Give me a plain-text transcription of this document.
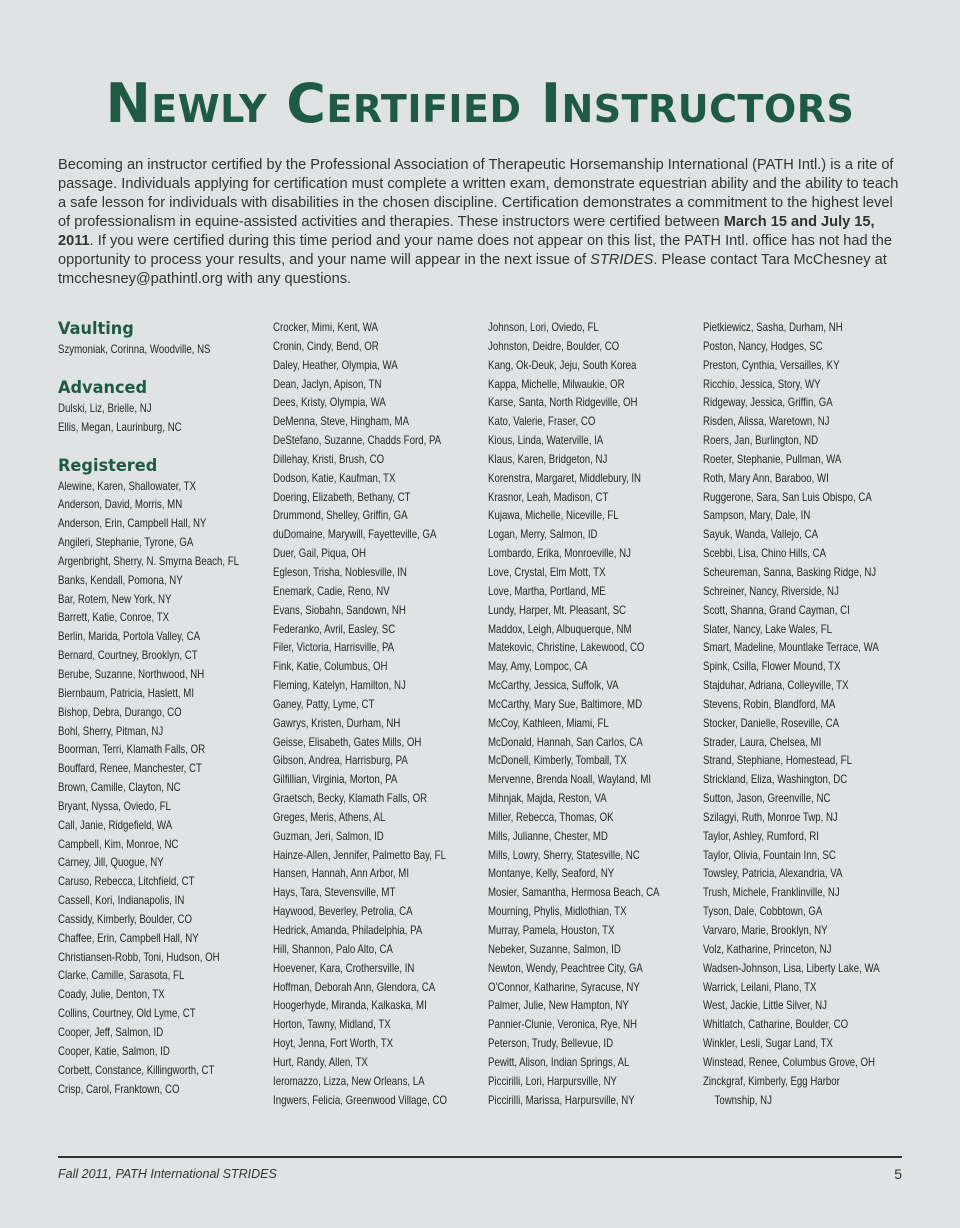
Newly Certified Instructors
Becoming an instructor certified by the Professional Association of Therapeutic Horsemanship International (PATH Intl.) is a rite of passage. Individuals applying for certification must complete a written exam, demonstrate equestrian ability and the ability to teach a safe lesson for individuals with disabilities in the chosen discipline. Certification demonstrates a commitment to the highest level of professionalism in equine-assisted activities and therapies. These instructors were certified between March 15 and July 15, 2011. If you were certified during this time period and your name does not appear on this list, the PATH Intl. office has not had the opportunity to process your results, and your name will appear in the next issue of STRIDES. Please contact Tara McChesney at tmcchesney@pathintl.org with any questions.
Vaulting
Szymoniak, Corinna, Woodville, NS
Advanced
Dulski, Liz, Brielle, NJ
Ellis, Megan, Laurinburg, NC
Registered
Alewine, Karen, Shallowater, TX
Anderson, David, Morris, MN
Anderson, Erin, Campbell Hall, NY
Angileri, Stephanie, Tyrone, GA
Argenbright, Sherry, N. Smyrna Beach, FL
Banks, Kendall, Pomona, NY
Bar, Rotem, New York, NY
Barrett, Katie, Conroe, TX
Berlin, Marida, Portola Valley, CA
Bernard, Courtney, Brooklyn, CT
Berube, Suzanne, Northwood, NH
Biernbaum, Patricia, Haslett, MI
Bishop, Debra, Durango, CO
Bohl, Sherry, Pitman, NJ
Boorman, Terri, Klamath Falls, OR
Bouffard, Renee, Manchester, CT
Brown, Camille, Clayton, NC
Bryant, Nyssa, Oviedo, FL
Call, Janie, Ridgefield, WA
Campbell, Kim, Monroe, NC
Carney, Jill, Quogue, NY
Caruso, Rebecca, Litchfield, CT
Cassell, Kori, Indianapolis, IN
Cassidy, Kimberly, Boulder, CO
Chaffee, Erin, Campbell Hall, NY
Christiansen-Robb, Toni, Hudson, OH
Clarke, Camille, Sarasota, FL
Coady, Julie, Denton, TX
Collins, Courtney, Old Lyme, CT
Cooper, Jeff, Salmon, ID
Cooper, Katie, Salmon, ID
Corbett, Constance, Killingworth, CT
Crisp, Carol, Franktown, CO
Crocker, Mimi, Kent, WA
Cronin, Cindy, Bend, OR
Daley, Heather, Olympia, WA
Dean, Jaclyn, Apison, TN
Dees, Kristy, Olympia, WA
DeMenna, Steve, Hingham, MA
DeStefano, Suzanne, Chadds Ford, PA
Dillehay, Kristi, Brush, CO
Dodson, Katie, Kaufman, TX
Doering, Elizabeth, Bethany, CT
Drummond, Shelley, Griffin, GA
duDomaine, Marywill, Fayetteville, GA
Duer, Gail, Piqua, OH
Egleson, Trisha, Noblesville, IN
Enemark, Cadie, Reno, NV
Evans, Siobahn, Sandown, NH
Federanko, Avril, Easley, SC
Filer, Victoria, Harrisville, PA
Fink, Katie, Columbus, OH
Fleming, Katelyn, Hamilton, NJ
Ganey, Patty, Lyme, CT
Gawrys, Kristen, Durham, NH
Geisse, Elisabeth, Gates Mills, OH
Gibson, Andrea, Harrisburg, PA
Gilfillian, Virginia, Morton, PA
Graetsch, Becky, Klamath Falls, OR
Greges, Meris, Athens, AL
Guzman, Jeri, Salmon, ID
Hainze-Allen, Jennifer, Palmetto Bay, FL
Hansen, Hannah, Ann Arbor, MI
Hays, Tara, Stevensville, MT
Haywood, Beverley, Petrolia, CA
Hedrick, Amanda, Philadelphia, PA
Hill, Shannon, Palo Alto, CA
Hoevener, Kara, Crothersville, IN
Hoffman, Deborah Ann, Glendora, CA
Hoogerhyde, Miranda, Kalkaska, MI
Horton, Tawny, Midland, TX
Hoyt, Jenna, Fort Worth, TX
Hurt, Randy, Allen, TX
Ieromazzo, Lizza, New Orleans, LA
Ingwers, Felicia, Greenwood Village, CO
Johnson, Lori, Oviedo, FL
Johnston, Deidre, Boulder, CO
Kang, Ok-Deuk, Jeju, South Korea
Kappa, Michelle, Milwaukie, OR
Karse, Santa, North Ridgeville, OH
Kato, Valerie, Fraser, CO
Kious, Linda, Waterville, IA
Klaus, Karen, Bridgeton, NJ
Korenstra, Margaret, Middlebury, IN
Krasnor, Leah, Madison, CT
Kujawa, Michelle, Niceville, FL
Logan, Merry, Salmon, ID
Lombardo, Erika, Monroeville, NJ
Love, Crystal, Elm Mott, TX
Love, Martha, Portland, ME
Lundy, Harper, Mt. Pleasant, SC
Maddox, Leigh, Albuquerque, NM
Matekovic, Christine, Lakewood, CO
May, Amy, Lompoc, CA
McCarthy, Jessica, Suffolk, VA
McCarthy, Mary Sue, Baltimore, MD
McCoy, Kathleen, Miami, FL
McDonald, Hannah, San Carlos, CA
McDonell, Kimberly, Tomball, TX
Mervenne, Brenda Noall, Wayland, MI
Mihnjak, Majda, Reston, VA
Miller, Rebecca, Thomas, OK
Mills, Julianne, Chester, MD
Mills, Lowry, Sherry, Statesville, NC
Montanye, Kelly, Seaford, NY
Mosier, Samantha, Hermosa Beach, CA
Mourning, Phylis, Midlothian, TX
Murray, Pamela, Houston, TX
Nebeker, Suzanne, Salmon, ID
Newton, Wendy, Peachtree City, GA
O'Connor, Katharine, Syracuse, NY
Palmer, Julie, New Hampton, NY
Pannier-Clunie, Veronica, Rye, NH
Peterson, Trudy, Bellevue, ID
Pewitt, Alison, Indian Springs, AL
Piccirilli, Lori, Harpursville, NY
Piccirilli, Marissa, Harpursville, NY
Pietkiewicz, Sasha, Durham, NH
Poston, Nancy, Hodges, SC
Preston, Cynthia, Versailles, KY
Ricchio, Jessica, Story, WY
Ridgeway, Jessica, Griffin, GA
Risden, Alissa, Waretown, NJ
Roers, Jan, Burlington, ND
Roeter, Stephanie, Pullman, WA
Roth, Mary Ann, Baraboo, WI
Ruggerone, Sara, San Luis Obispo, CA
Sampson, Mary, Dale, IN
Sayuk, Wanda, Vallejo, CA
Scebbi, Lisa, Chino Hills, CA
Scheureman, Sanna, Basking Ridge, NJ
Schreiner, Nancy, Riverside, NJ
Scott, Shanna, Grand Cayman, CI
Slater, Nancy, Lake Wales, FL
Smart, Madeline, Mountlake Terrace, WA
Spink, Csilla, Flower Mound, TX
Stajduhar, Adriana, Colleyville, TX
Stevens, Robin, Blandford, MA
Stocker, Danielle, Roseville, CA
Strader, Laura, Chelsea, MI
Strand, Stephiane, Homestead, FL
Strickland, Eliza, Washington, DC
Sutton, Jason, Greenville, NC
Szilagyi, Ruth, Monroe Twp, NJ
Taylor, Ashley, Rumford, RI
Taylor, Olivia, Fountain Inn, SC
Towsley, Patricia, Alexandria, VA
Trush, Michele, Franklinville, NJ
Tyson, Dale, Cobbtown, GA
Varvaro, Marie, Brooklyn, NY
Volz, Katharine, Princeton, NJ
Wadsen-Johnson, Lisa, Liberty Lake, WA
Warrick, Leilani, Plano, TX
West, Jackie, Little Silver, NJ
Whitlatch, Catharine, Boulder, CO
Winkler, Lesli, Sugar Land, TX
Winstead, Renee, Columbus Grove, OH
Zinckgraf, Kimberly, Egg Harbor
Township, NJ
Fall 2011, PATH International STRIDES	5
